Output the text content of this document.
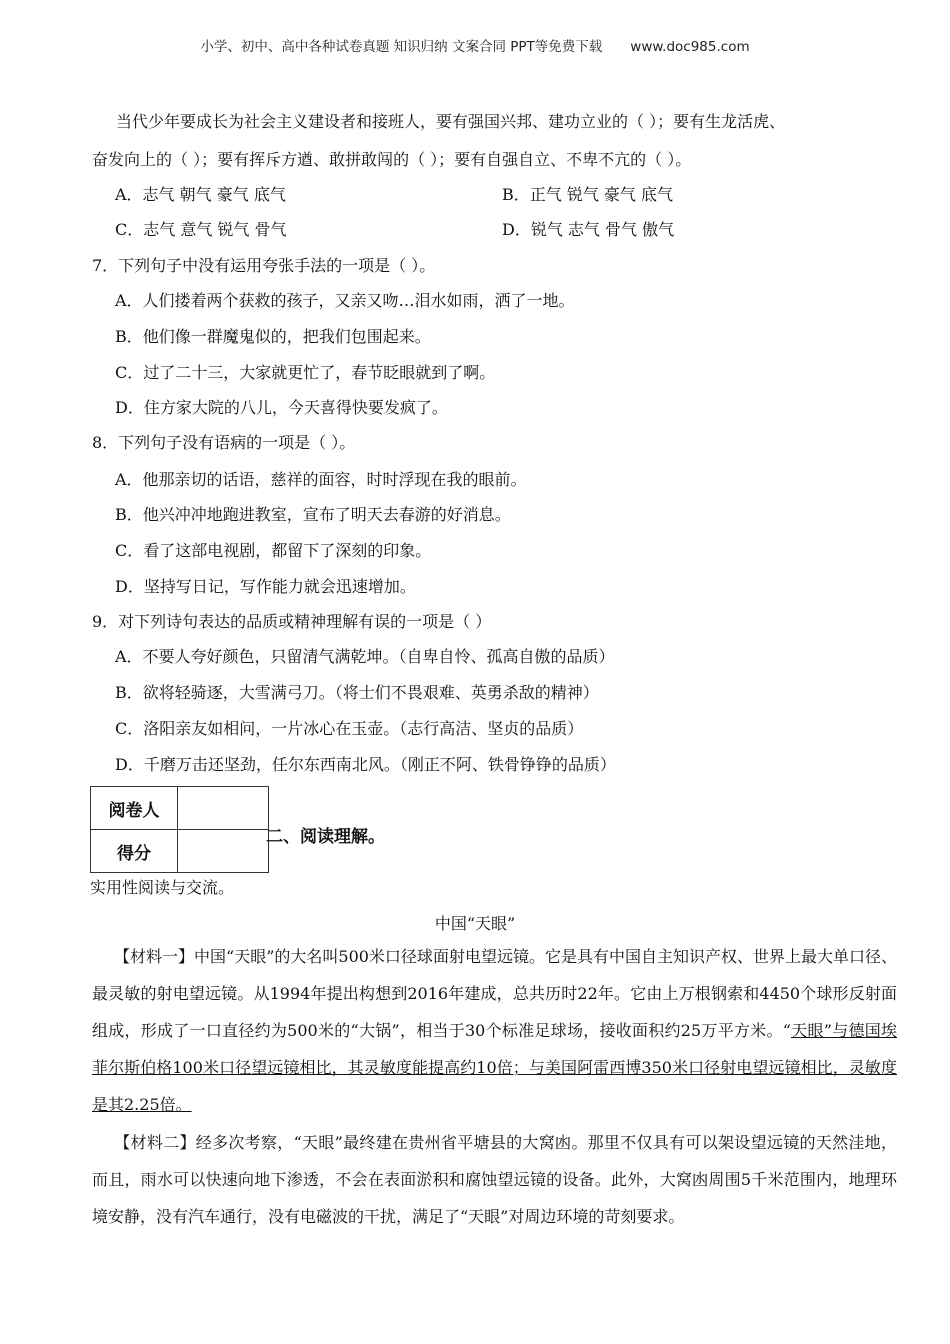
小学、初中、高中各种试卷真题 知识归纳 文案合同 PPT等免费下载 www.doc985.com
当代少年要成长为社会主义建设者和接班人，要有强国兴邦、建功立业的（ ）；要有生龙活虎、
奋发向上的（ ）；要有挥斥方遒、敢拼敢闯的（ ）；要有自强自立、不卑不亢的（ ）。
A．志气 朝气 豪气 底气	B．正气 锐气 豪气 底气
C．志气 意气 锐气 骨气	D．锐气 志气 骨气 傲气
7．下列句子中没有运用夸张手法的一项是（ ）。
A．人们搂着两个获救的孩子，又亲又吻…泪水如雨，洒了一地。
B．他们像一群魔鬼似的，把我们包围起来。
C．过了二十三，大家就更忙了，春节眨眼就到了啊。
D．住方家大院的八儿，今天喜得快要发疯了。
8．下列句子没有语病的一项是（ ）。
A．他那亲切的话语，慈祥的面容，时时浮现在我的眼前。
B．他兴冲冲地跑进教室，宣布了明天去春游的好消息。
C．看了这部电视剧，都留下了深刻的印象。
D．坚持写日记，写作能力就会迅速增加。
9．对下列诗句表达的品质或精神理解有误的一项是（ ）
A．不要人夸好颜色，只留清气满乾坤。（自卑自怜、孤高自傲的品质）
B．欲将轻骑逐，大雪满弓刀。（将士们不畏艰难、英勇杀敌的精神）
C．洛阳亲友如相问，一片冰心在玉壶。（志行高洁、坚贞的品质）
D．千磨万击还坚劲，任尔东西南北风。（刚正不阿、铁骨铮铮的品质）
阅卷人	
得分	
二、阅读理解。
实用性阅读与交流。
中国“天眼”
【材料一】中国“天眼”的大名叫500米口径球面射电望远镜。它是具有中国自主知识产权、世界上最大单口径、最灵敏的射电望远镜。从1994年提出构想到2016年建成，总共历时22年。它由上万根钢索和4450个球形反射面组成，形成了一口直径约为500米的“大锅”，相当于30个标准足球场，接收面积约25万平方米。“天眼”与德国埃菲尔斯伯格100米口径望远镜相比，其灵敏度能提高约10倍；与美国阿雷西博350米口径射电望远镜相比，灵敏度是其2.25倍。
【材料二】经多次考察，“天眼”最终建在贵州省平塘县的大窝凼。那里不仅具有可以架设望远镜的天然洼地，而且，雨水可以快速向地下渗透，不会在表面淤积和腐蚀望远镜的设备。此外，大窝凼周围5千米范围内，地理环境安静，没有汽车通行，没有电磁波的干扰，满足了“天眼”对周边环境的苛刻要求。
